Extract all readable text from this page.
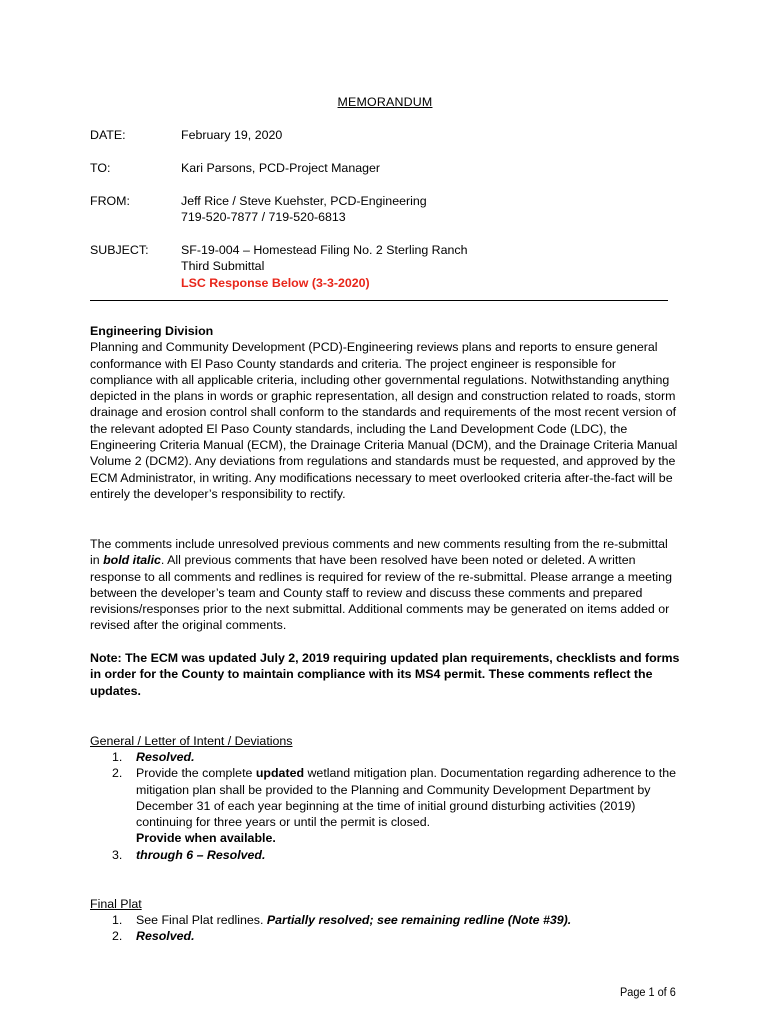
MEMORANDUM
DATE:	February 19, 2020
TO:	Kari Parsons, PCD-Project Manager
FROM:	Jeff Rice / Steve Kuehster, PCD-Engineering
719-520-7877 / 719-520-6813
SUBJECT:	SF-19-004 – Homestead Filing No. 2 Sterling Ranch
Third Submittal
LSC Response Below (3-3-2020)
Engineering Division
Planning and Community Development (PCD)-Engineering reviews plans and reports to ensure general conformance with El Paso County standards and criteria. The project engineer is responsible for compliance with all applicable criteria, including other governmental regulations. Notwithstanding anything depicted in the plans in words or graphic representation, all design and construction related to roads, storm drainage and erosion control shall conform to the standards and requirements of the most recent version of the relevant adopted El Paso County standards, including the Land Development Code (LDC), the Engineering Criteria Manual (ECM), the Drainage Criteria Manual (DCM), and the Drainage Criteria Manual Volume 2 (DCM2). Any deviations from regulations and standards must be requested, and approved by the ECM Administrator, in writing. Any modifications necessary to meet overlooked criteria after-the-fact will be entirely the developer’s responsibility to rectify.
The comments include unresolved previous comments and new comments resulting from the re-submittal in bold italic. All previous comments that have been resolved have been noted or deleted. A written response to all comments and redlines is required for review of the re-submittal. Please arrange a meeting between the developer’s team and County staff to review and discuss these comments and prepared revisions/responses prior to the next submittal. Additional comments may be generated on items added or revised after the original comments.
Note: The ECM was updated July 2, 2019 requiring updated plan requirements, checklists and forms in order for the County to maintain compliance with its MS4 permit. These comments reflect the updates.
General / Letter of Intent / Deviations
1. Resolved.
2. Provide the complete updated wetland mitigation plan. Documentation regarding adherence to the mitigation plan shall be provided to the Planning and Community Development Department by December 31 of each year beginning at the time of initial ground disturbing activities (2019) continuing for three years or until the permit is closed.
Provide when available.
3. through 6 – Resolved.
Final Plat
1. See Final Plat redlines. Partially resolved; see remaining redline (Note #39).
2. Resolved.
Page 1 of 6
